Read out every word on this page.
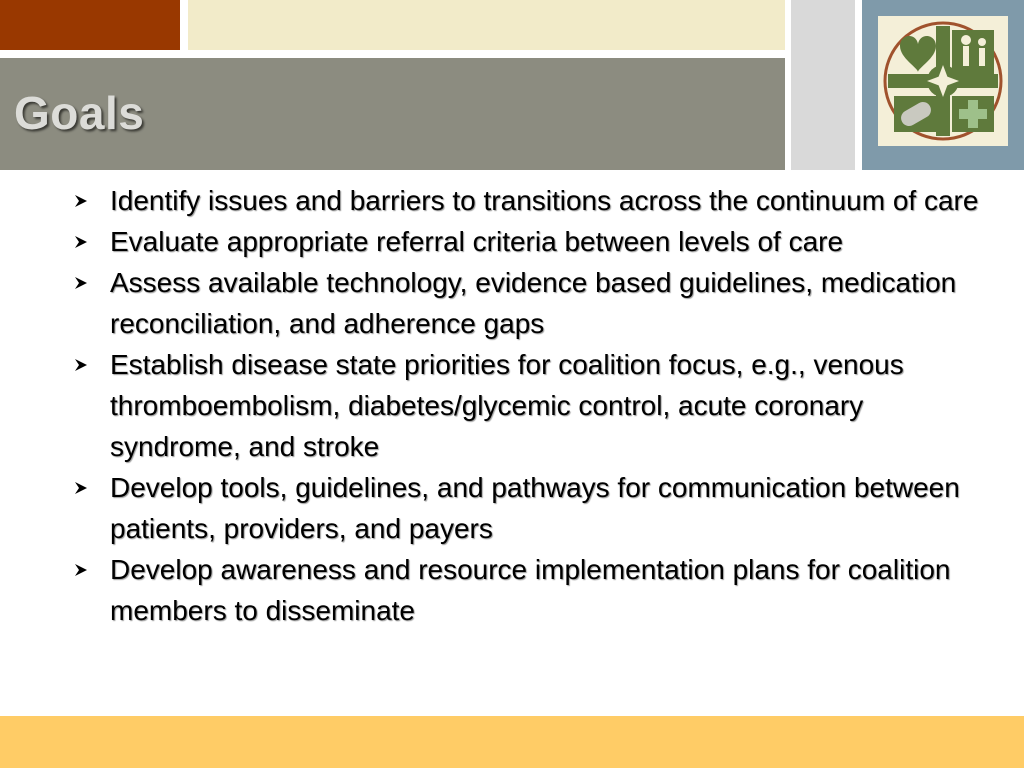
Goals
Identify issues and barriers to transitions across the continuum of care
Evaluate appropriate referral criteria between levels of care
Assess available technology, evidence based guidelines, medication reconciliation, and adherence gaps
Establish disease state priorities for coalition focus, e.g., venous thromboembolism, diabetes/glycemic control, acute coronary syndrome, and stroke
Develop tools, guidelines, and pathways for communication between patients, providers, and payers
Develop awareness and resource implementation plans for coalition members to disseminate
